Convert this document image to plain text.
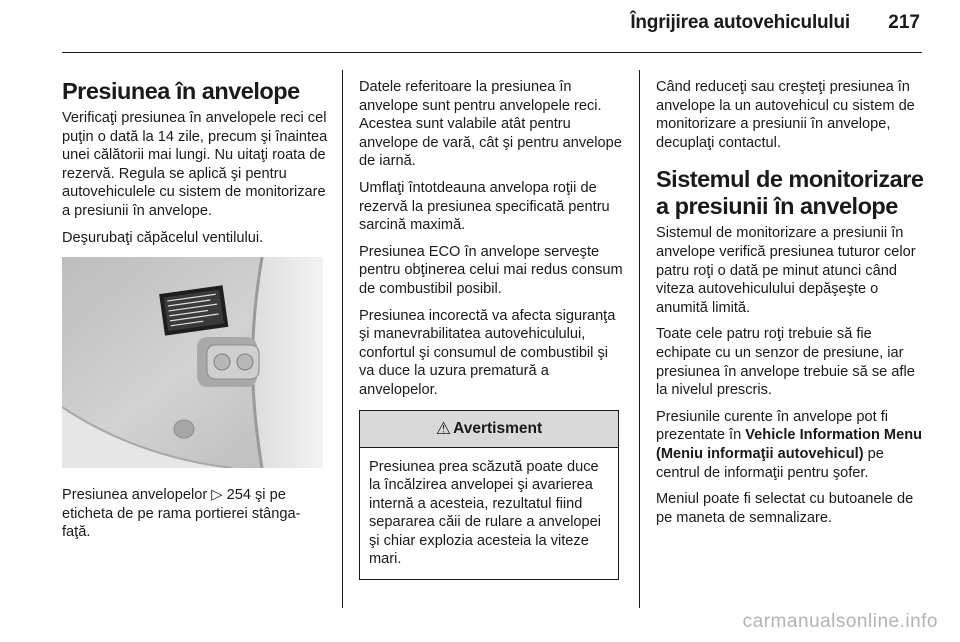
Îngrijirea autovehiculului	217
Presiunea în anvelope

Verificaţi presiunea în anvelopele reci cel puţin o dată la 14 zile, precum şi înaintea unei călătorii mai lungi. Nu uitaţi roata de rezervă. Regula se aplică şi pentru autovehiculele cu sistem de monitorizare a presiunii în anvelope.

Deşurubaţi căpăcelul ventilului.

Presiunea anvelopelor ▷ 254 şi pe eticheta de pe rama portierei stânga-faţă.

Datele referitoare la presiunea în anvelope sunt pentru anvelopele reci. Acestea sunt valabile atât pentru anvelope de vară, cât şi pentru anvelope de iarnă.

Umflaţi întotdeauna anvelopa roţii de rezervă la presiunea specificată pentru sarcină maximă.

Presiunea ECO în anvelope serveşte pentru obţinerea celui mai redus consum de combustibil posibil.

Presiunea incorectă va afecta siguranţa şi manevrabilitatea autovehiculului, confortul şi consumul de combustibil şi va duce la uzura prematură a anvelopelor.

⚠ Avertisment

Presiunea prea scăzută poate duce la încălzirea anvelopei şi avarierea internă a acesteia, rezultatul fiind separarea căii de rulare a anvelopei şi chiar explozia acesteia la viteze mari.

Când reduceţi sau creşteţi presiunea în anvelope la un autovehicul cu sistem de monitorizare a presiunii în anvelope, decuplaţi contactul.

Sistemul de monitorizare a presiunii în anvelope

Sistemul de monitorizare a presiunii în anvelope verifică presiunea tuturor celor patru roţi o dată pe minut atunci când viteza autovehiculului depăşeşte o anumită limită.

Toate cele patru roţi trebuie să fie echipate cu un senzor de presiune, iar presiunea în anvelope trebuie să se afle la nivelul prescris.

Presiunile curente în anvelope pot fi prezentate în Vehicle Information Menu (Meniu informaţii autovehicul) pe centrul de informaţii pentru şofer.

Meniul poate fi selectat cu butoanele de pe maneta de semnalizare.

carmanualsonline.info
